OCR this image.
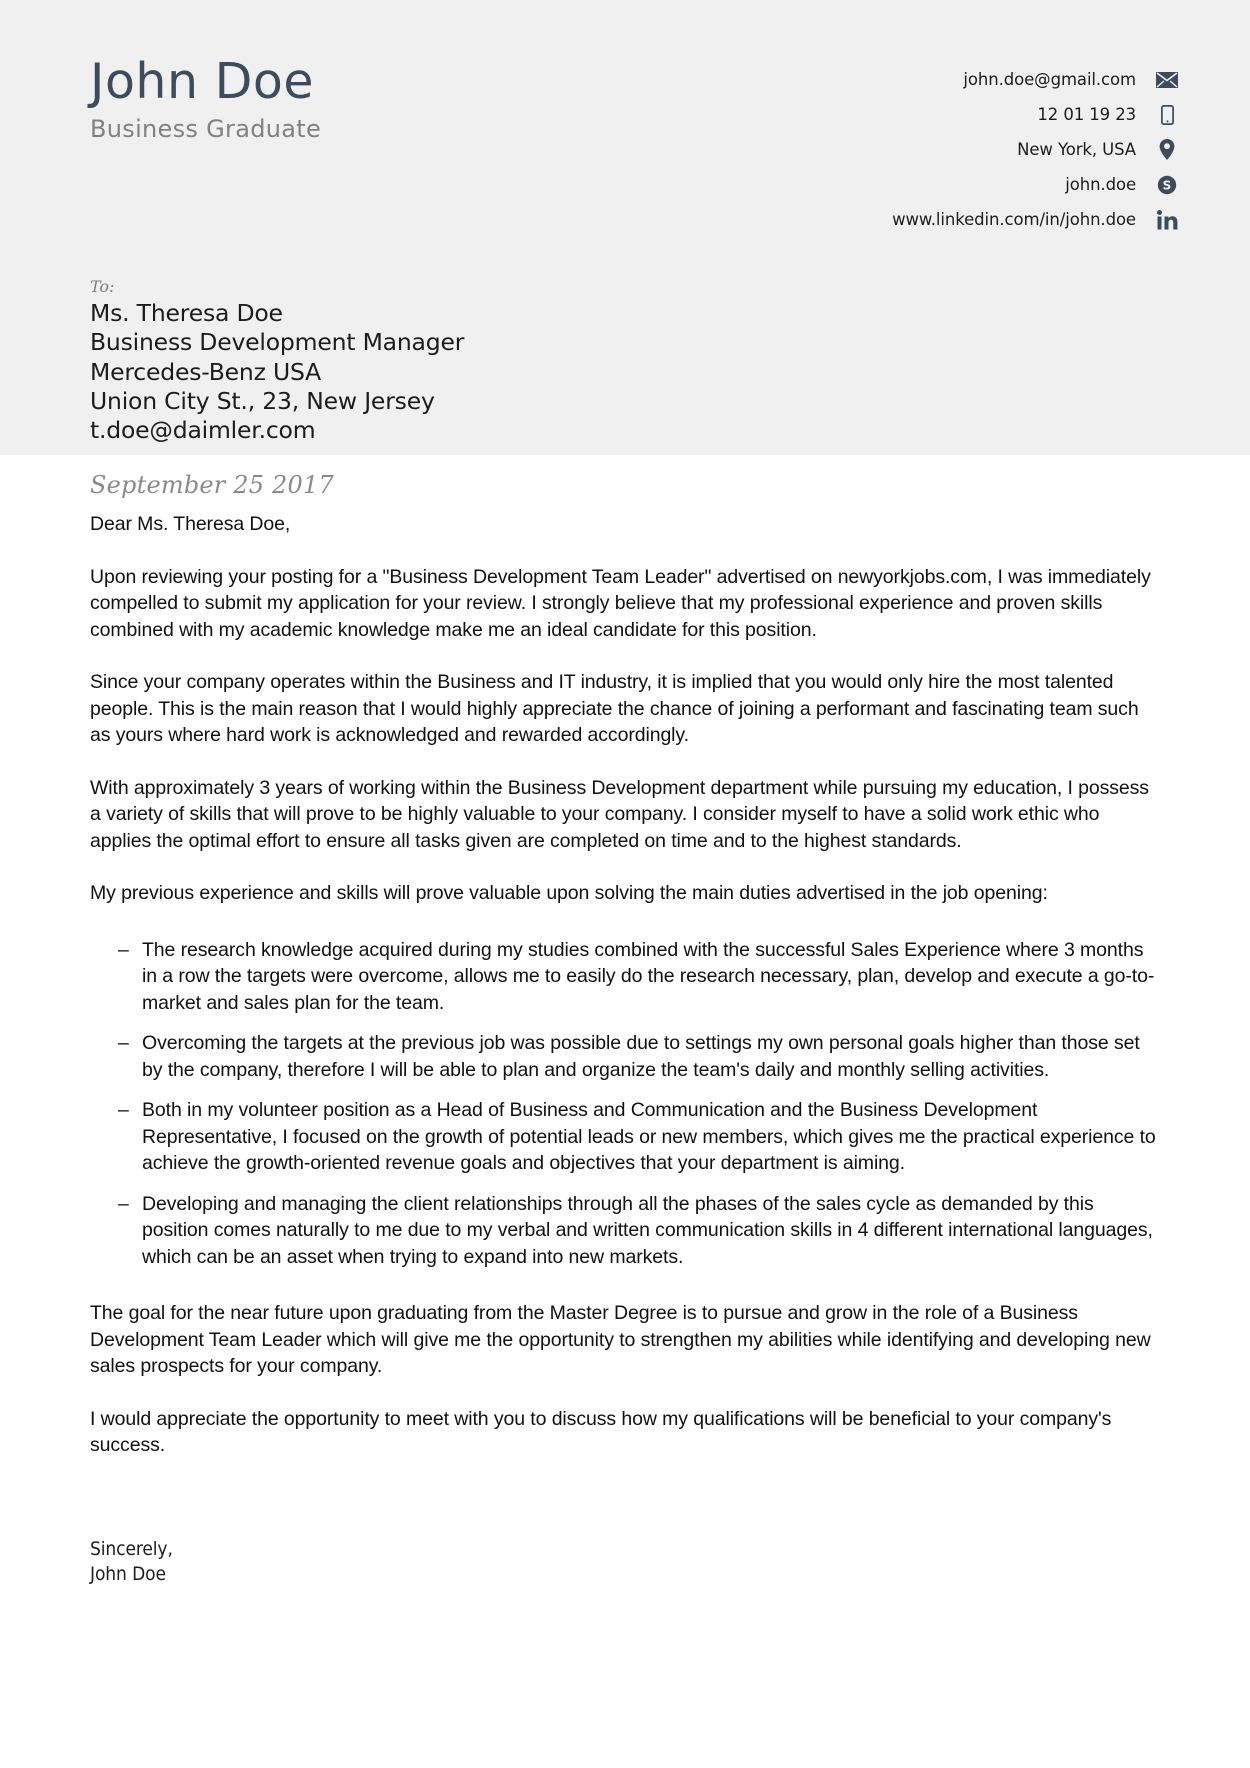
John Doe
Business Graduate
john.doe@gmail.com
12 01 19 23
New York, USA
john.doe S
www.linkedin.com/in/john.doe
To:
Ms. Theresa Doe
Business Development Manager
Mercedes-Benz USA
Union City St., 23, New Jersey
t.doe@daimler.com
September 25 2017

Dear Ms. Theresa Doe,

Upon reviewing your posting for a "Business Development Team Leader" advertised on newyorkjobs.com, I was immediately compelled to submit my application for your review. I strongly believe that my professional experience and proven skills combined with my academic knowledge make me an ideal candidate for this position.

Since your company operates within the Business and IT industry, it is implied that you would only hire the most talented people. This is the main reason that I would highly appreciate the chance of joining a performant and fascinating team such as yours where hard work is acknowledged and rewarded accordingly.

With approximately 3 years of working within the Business Development department while pursuing my education, I possess a variety of skills that will prove to be highly valuable to your company. I consider myself to have a solid work ethic who applies the optimal effort to ensure all tasks given are completed on time and to the highest standards.

My previous experience and skills will prove valuable upon solving the main duties advertised in the job opening:

– The research knowledge acquired during my studies combined with the successful Sales Experience where 3 months in a row the targets were overcome, allows me to easily do the research necessary, plan, develop and execute a go-to-market and sales plan for the team.
– Overcoming the targets at the previous job was possible due to settings my own personal goals higher than those set by the company, therefore I will be able to plan and organize the team's daily and monthly selling activities.
– Both in my volunteer position as a Head of Business and Communication and the Business Development Representative, I focused on the growth of potential leads or new members, which gives me the practical experience to achieve the growth-oriented revenue goals and objectives that your department is aiming.
– Developing and managing the client relationships through all the phases of the sales cycle as demanded by this position comes naturally to me due to my verbal and written communication skills in 4 different international languages, which can be an asset when trying to expand into new markets.

The goal for the near future upon graduating from the Master Degree is to pursue and grow in the role of a Business Development Team Leader which will give me the opportunity to strengthen my abilities while identifying and developing new sales prospects for your company.

I would appreciate the opportunity to meet with you to discuss how my qualifications will be beneficial to your company's success.

Sincerely,
John Doe
